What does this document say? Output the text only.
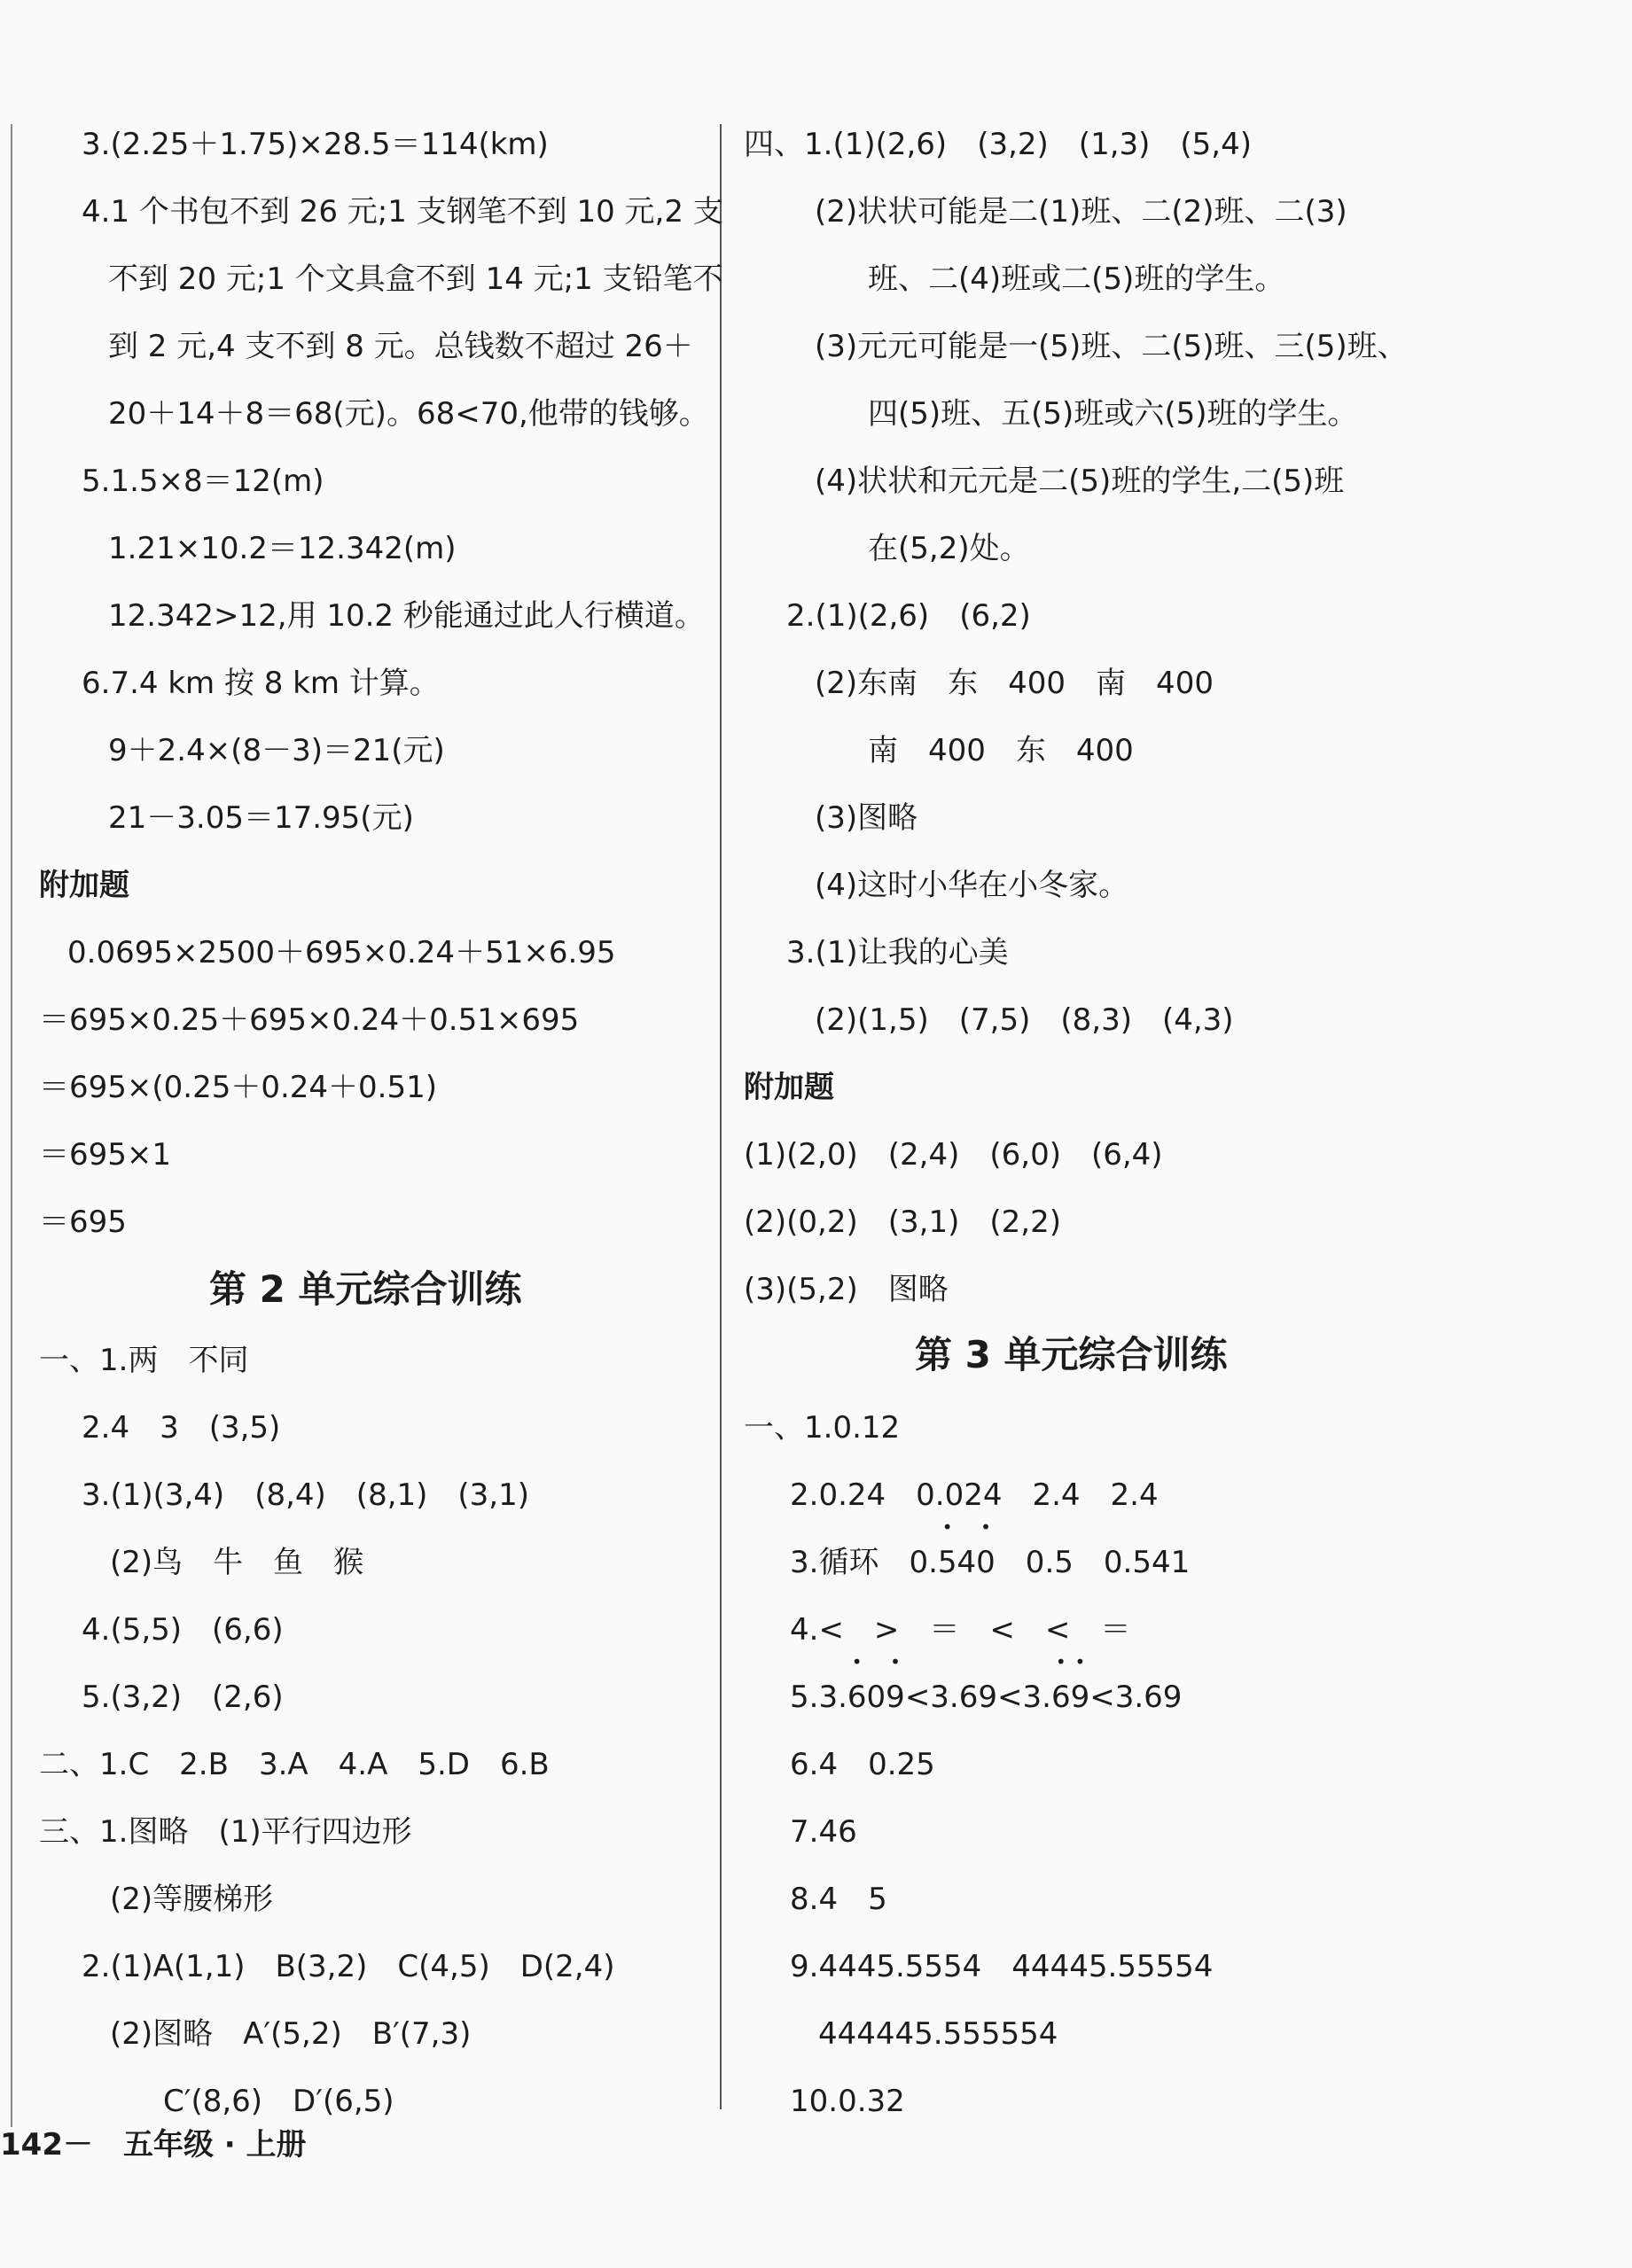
3.(2.25＋1.75)×28.5＝114(km)
4.1 个书包不到 26 元;1 支钢笔不到 10 元,2 支
不到 20 元;1 个文具盒不到 14 元;1 支铅笔不
到 2 元,4 支不到 8 元。总钱数不超过 26＋
20＋14＋8＝68(元)。68<70,他带的钱够。
5.1.5×8＝12(m)
1.21×10.2＝12.342(m)
12.342>12,用 10.2 秒能通过此人行横道。
6.7.4 km 按 8 km 计算。
9＋2.4×(8－3)＝21(元)
21－3.05＝17.95(元)
附加题
0.0695×2500＋695×0.24＋51×6.95
＝695×0.25＋695×0.24＋0.51×695
＝695×(0.25＋0.24＋0.51)
＝695×1
＝695
第 2 单元综合训练
一、1.两　不同
2.4　3　(3,5)
3.(1)(3,4)　(8,4)　(8,1)　(3,1)
(2)鸟　牛　鱼　猴
4.(5,5)　(6,6)
5.(3,2)　(2,6)
二、1.C　2.B　3.A　4.A　5.D　6.B
三、1.图略　(1)平行四边形
(2)等腰梯形
2.(1)A(1,1)　B(3,2)　C(4,5)　D(2,4)
(2)图略　A′(5,2)　B′(7,3)
C′(8,6)　D′(6,5)
142－　五年级 · 上册
四、1.(1)(2,6)　(3,2)　(1,3)　(5,4)
(2)状状可能是二(1)班、二(2)班、二(3)
班、二(4)班或二(5)班的学生。
(3)元元可能是一(5)班、二(5)班、三(5)班、
四(5)班、五(5)班或六(5)班的学生。
(4)状状和元元是二(5)班的学生,二(5)班
在(5,2)处。
2.(1)(2,6)　(6,2)
(2)东南　东　400　南　400
南　400　东　400
(3)图略
(4)这时小华在小冬家。
3.(1)让我的心美
(2)(1,5)　(7,5)　(8,3)　(4,3)
附加题
(1)(2,0)　(2,4)　(6,0)　(6,4)
(2)(0,2)　(3,1)　(2,2)
(3)(5,2)　图略
第 3 单元综合训练
一、1.0.12
2.0.24　0.024　2.4　2.4
3.循环　0.• 54• 0　0.5　0.541
4.<　>　＝　<　<　＝
5.3.• 60• 9<3.69<3.• 6• 9<3.69
6.4　0.25
7.46
8.4　5
9.4445.5554　44445.55554
444445.555554
10.0.32
